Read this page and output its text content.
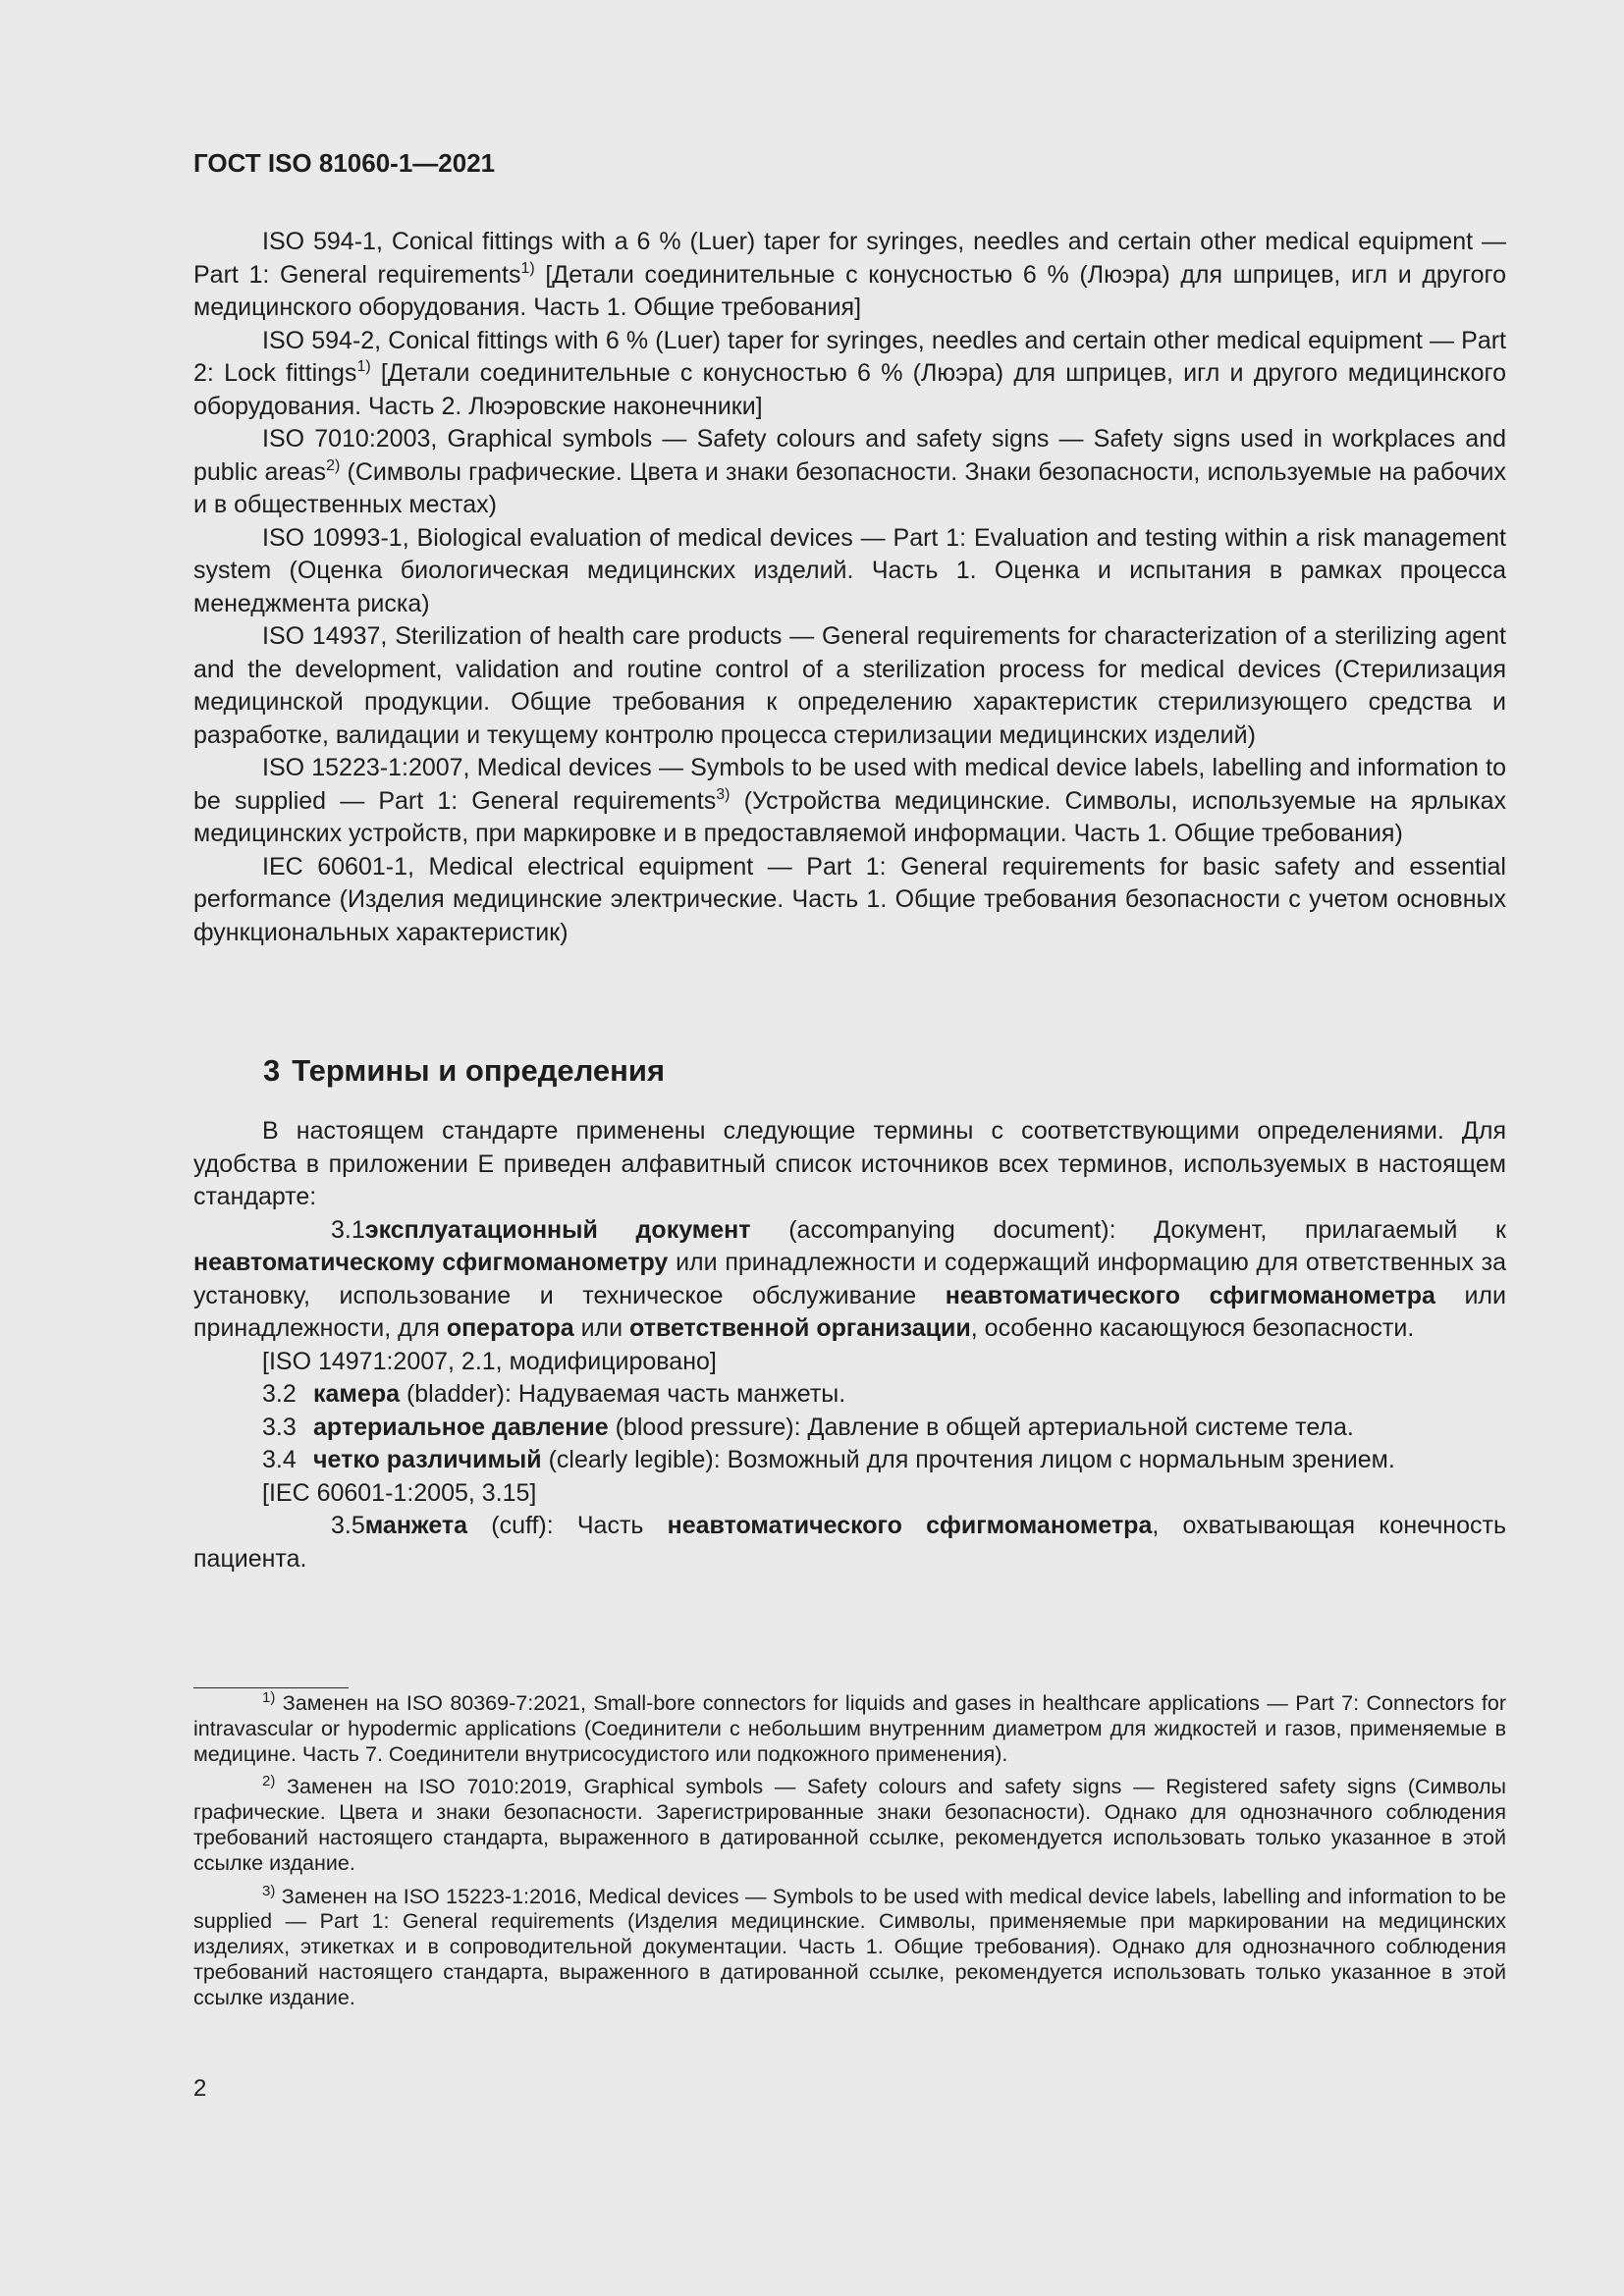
ГОСТ ISO 81060-1—2021

ISO 594-1, Conical fittings with a 6 % (Luer) taper for syringes, needles and certain other medical equipment — Part 1: General requirements$^{1)}$ [Детали соединительные с конусностью 6 % (Люэра) для шприцев, игл и другого медицинского оборудования. Часть 1. Общие требования]

ISO 594-2, Conical fittings with 6 % (Luer) taper for syringes, needles and certain other medical equipment — Part 2: Lock fittings$^{1)}$ [Детали соединительные с конусностью 6 % (Люэра) для шприцев, игл и другого медицинского оборудования. Часть 2. Люэровские наконечники]

ISO 7010:2003, Graphical symbols — Safety colours and safety signs — Safety signs used in workplaces and public areas$^{2)}$ (Символы графические. Цвета и знаки безопасности. Знаки безопасности, используемые на рабочих и в общественных местах)

ISO 10993-1, Biological evaluation of medical devices — Part 1: Evaluation and testing within a risk management system (Оценка биологическая медицинских изделий. Часть 1. Оценка и испытания в рамках процесса менеджмента риска)

ISO 14937, Sterilization of health care products — General requirements for characterization of a sterilizing agent and the development, validation and routine control of a sterilization process for medical devices (Стерилизация медицинской продукции. Общие требования к определению характеристик стерилизующего средства и разработке, валидации и текущему контролю процесса стерилизации медицинских изделий)

ISO 15223-1:2007, Medical devices — Symbols to be used with medical device labels, labelling and information to be supplied — Part 1: General requirements$^{3)}$ (Устройства медицинские. Символы, используемые на ярлыках медицинских устройств, при маркировке и в предоставляемой информации. Часть 1. Общие требования)

IEC 60601-1, Medical electrical equipment — Part 1: General requirements for basic safety and essential performance (Изделия медицинские электрические. Часть 1. Общие требования безопасности с учетом основных функциональных характеристик)

3 Термины и определения

В настоящем стандарте применены следующие термины с соответствующими определениями. Для удобства в приложении Е приведен алфавитный список источников всех терминов, используемых в настоящем стандарте:

3.1эксплуатационный документ (accompanying document): Документ, прилагаемый к неавтоматическому сфигмоманометру или принадлежности и содержащий информацию для ответственных за установку, использование и техническое обслуживание неавтоматического сфигмоманометра или принадлежности, для оператора или ответственной организации, особенно касающуюся безопасности.

[ISO 14971:2007, 2.1, модифицировано]

3.2 камера (bladder): Надуваемая часть манжеты.

3.3 артериальное давление (blood pressure): Давление в общей артериальной системе тела.

3.4 четко различимый (clearly legible): Возможный для прочтения лицом с нормальным зрением.

[IEC 60601-1:2005, 3.15]

3.5манжета (cuff): Часть неавтоматического сфигмоманометра, охватывающая конечность пациента.

$^{1)}$ Заменен на ISO 80369-7:2021, Small-bore connectors for liquids and gases in healthcare applications — Part 7: Connectors for intravascular or hypodermic applications (Соединители с небольшим внутренним диаметром для жидкостей и газов, применяемые в медицине. Часть 7. Соединители внутрисосудистого или подкожного применения).

$^{2)}$ Заменен на ISO 7010:2019, Graphical symbols — Safety colours and safety signs — Registered safety signs (Символы графические. Цвета и знаки безопасности. Зарегистрированные знаки безопасности). Однако для однозначного соблюдения требований настоящего стандарта, выраженного в датированной ссылке, рекомендуется использовать только указанное в этой ссылке издание.

$^{3)}$ Заменен на ISO 15223-1:2016, Medical devices — Symbols to be used with medical device labels, labelling and information to be supplied — Part 1: General requirements (Изделия медицинские. Символы, применяемые при маркировании на медицинских изделиях, этикетках и в сопроводительной документации. Часть 1. Общие требования). Однако для однозначного соблюдения требований настоящего стандарта, выраженного в датированной ссылке, рекомендуется использовать только указанное в этой ссылке издание.

2
